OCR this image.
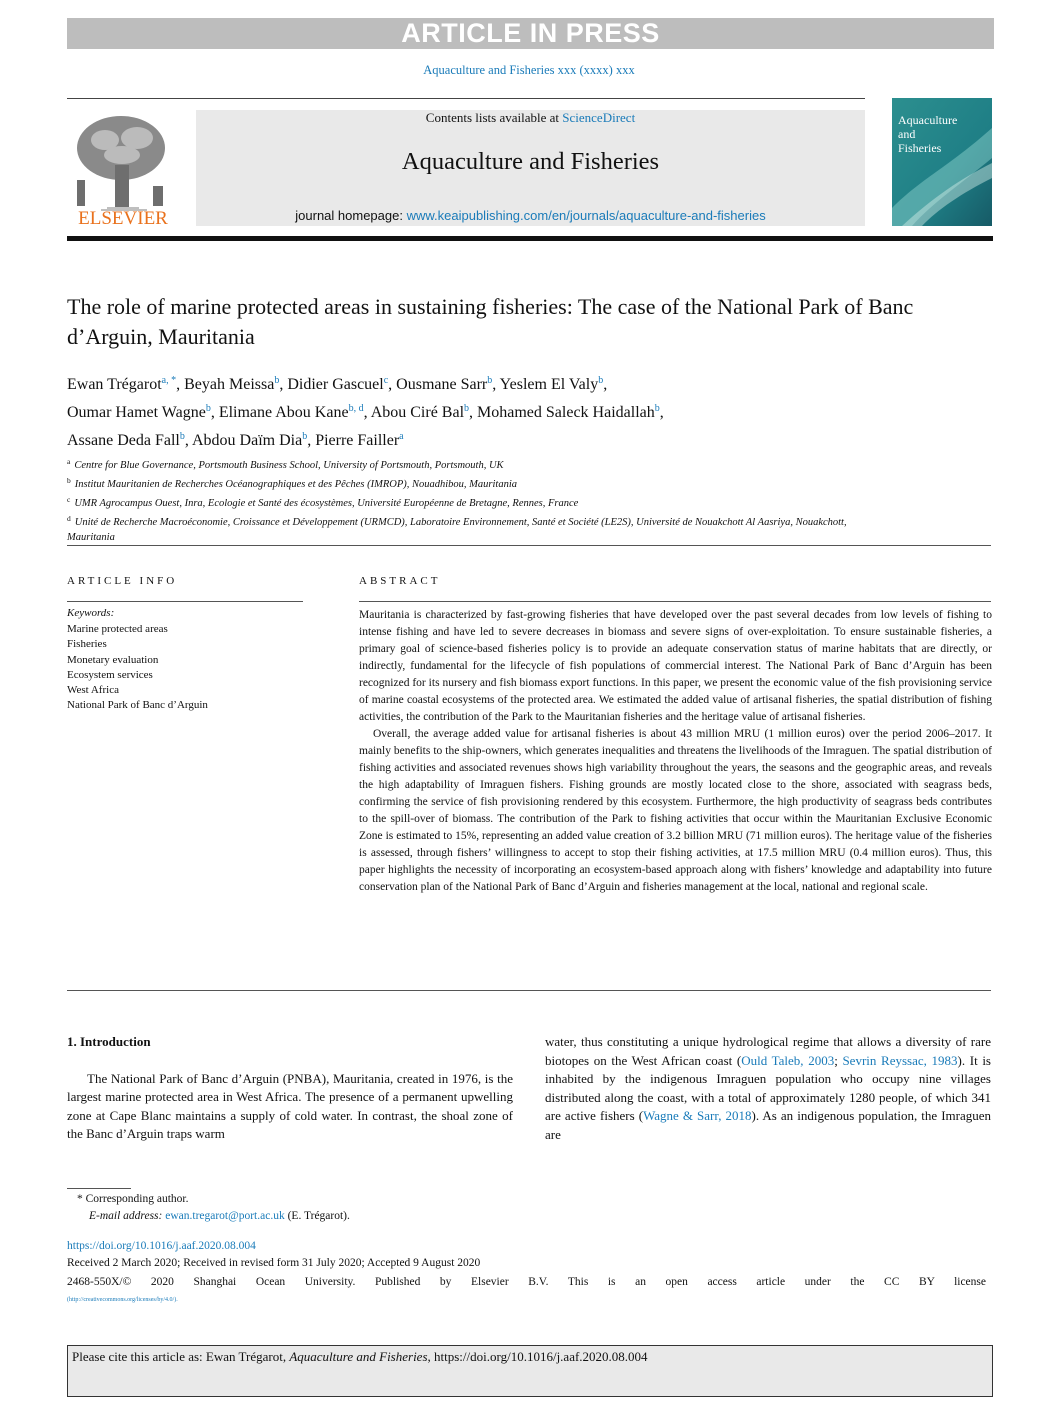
ARTICLE IN PRESS
Aquaculture and Fisheries xxx (xxxx) xxx
ELSEVIER
Contents lists available at ScienceDirect
Aquaculture and Fisheries
journal homepage: www.keaipublishing.com/en/journals/aquaculture-and-fisheries
Aquaculture
and
Fisheries
The role of marine protected areas in sustaining fisheries: The case of the National Park of Banc d’Arguin, Mauritania
Ewan Trégarot$^{a, *}$, Beyah Meissa$^b$, Didier Gascuel$^c$, Ousmane Sarr$^b$, Yeslem El Valy$^b$,
Oumar Hamet Wagne$^b$, Elimane Abou Kane$^{b, d}$, Abou Ciré Bal$^b$, Mohamed Saleck Haidallah$^b$,
Assane Deda Fall$^b$, Abdou Daïm Dia$^b$, Pierre Failler$^a$
$^a$ Centre for Blue Governance, Portsmouth Business School, University of Portsmouth, Portsmouth, UK
$^b$ Institut Mauritanien de Recherches Océanographiques et des Pêches (IMROP), Nouadhibou, Mauritania
$^c$ UMR Agrocampus Ouest, Inra, Ecologie et Santé des écosystèmes, Université Européenne de Bretagne, Rennes, France
$^d$ Unité de Recherche Macroéconomie, Croissance et Développement (URMCD), Laboratoire Environnement, Santé et Société (LE2S), Université de Nouakchott Al Aasriya, Nouakchott, Mauritania
ARTICLE INFO
Keywords:
Marine protected areas
Fisheries
Monetary evaluation
Ecosystem services
West Africa
National Park of Banc d’Arguin
ABSTRACT

Mauritania is characterized by fast-growing fisheries that have developed over the past several decades from low levels of fishing to intense fishing and have led to severe decreases in biomass and severe signs of over-exploitation. To ensure sustainable fisheries, a primary goal of science-based fisheries policy is to provide an adequate conservation status of marine habitats that are directly, or indirectly, fundamental for the lifecycle of fish populations of commercial interest. The National Park of Banc d’Arguin has been recognized for its nursery and fish biomass export functions. In this paper, we present the economic value of the fish provisioning service of marine coastal ecosystems of the protected area. We estimated the added value of artisanal fisheries, the spatial distribution of fishing activities, the contribution of the Park to the Mauritanian fisheries and the heritage value of artisanal fisheries.

Overall, the average added value for artisanal fisheries is about 43 million MRU (1 million euros) over the period 2006–2017. It mainly benefits to the ship-owners, which generates inequalities and threatens the livelihoods of the Imraguen. The spatial distribution of fishing activities and associated revenues shows high variability throughout the years, the seasons and the geographic areas, and reveals the high adaptability of Imraguen fishers. Fishing grounds are mostly located close to the shore, associated with seagrass beds, confirming the service of fish provisioning rendered by this ecosystem. Furthermore, the high productivity of seagrass beds contributes to the spill-over of biomass. The contribution of the Park to fishing activities that occur within the Mauritanian Exclusive Economic Zone is estimated to 15%, representing an added value creation of 3.2 billion MRU (71 million euros). The heritage value of the fisheries is assessed, through fishers’ willingness to accept to stop their fishing activities, at 17.5 million MRU (0.4 million euros). Thus, this paper highlights the necessity of incorporating an ecosystem-based approach along with fishers’ knowledge and adaptability into future conservation plan of the National Park of Banc d’Arguin and fisheries management at the local, national and regional scale.

1. Introduction

The National Park of Banc d’Arguin (PNBA), Mauritania, created in 1976, is the largest marine protected area in West Africa. The presence of a permanent upwelling zone at Cape Blanc maintains a supply of cold water. In contrast, the shoal zone of the Banc d’Arguin traps warm

water, thus constituting a unique hydrological regime that allows a diversity of rare biotopes on the West African coast (Ould Taleb, 2003; Sevrin Reyssac, 1983). It is inhabited by the indigenous Imraguen population who occupy nine villages distributed along the coast, with a total of approximately 1280 people, of which 341 are active fishers (Wagne & Sarr, 2018). As an indigenous population, the Imraguen are
* Corresponding author.
E-mail address: ewan.tregarot@port.ac.uk (E. Trégarot).
https://doi.org/10.1016/j.aaf.2020.08.004
Received 2 March 2020; Received in revised form 31 July 2020; Accepted 9 August 2020
2468-550X/© 2020 Shanghai Ocean University. Published by Elsevier B.V. This is an open access article under the CC BY license
(http://creativecommons.org/licenses/by/4.0/).
Please cite this article as: Ewan Trégarot, Aquaculture and Fisheries, https://doi.org/10.1016/j.aaf.2020.08.004
